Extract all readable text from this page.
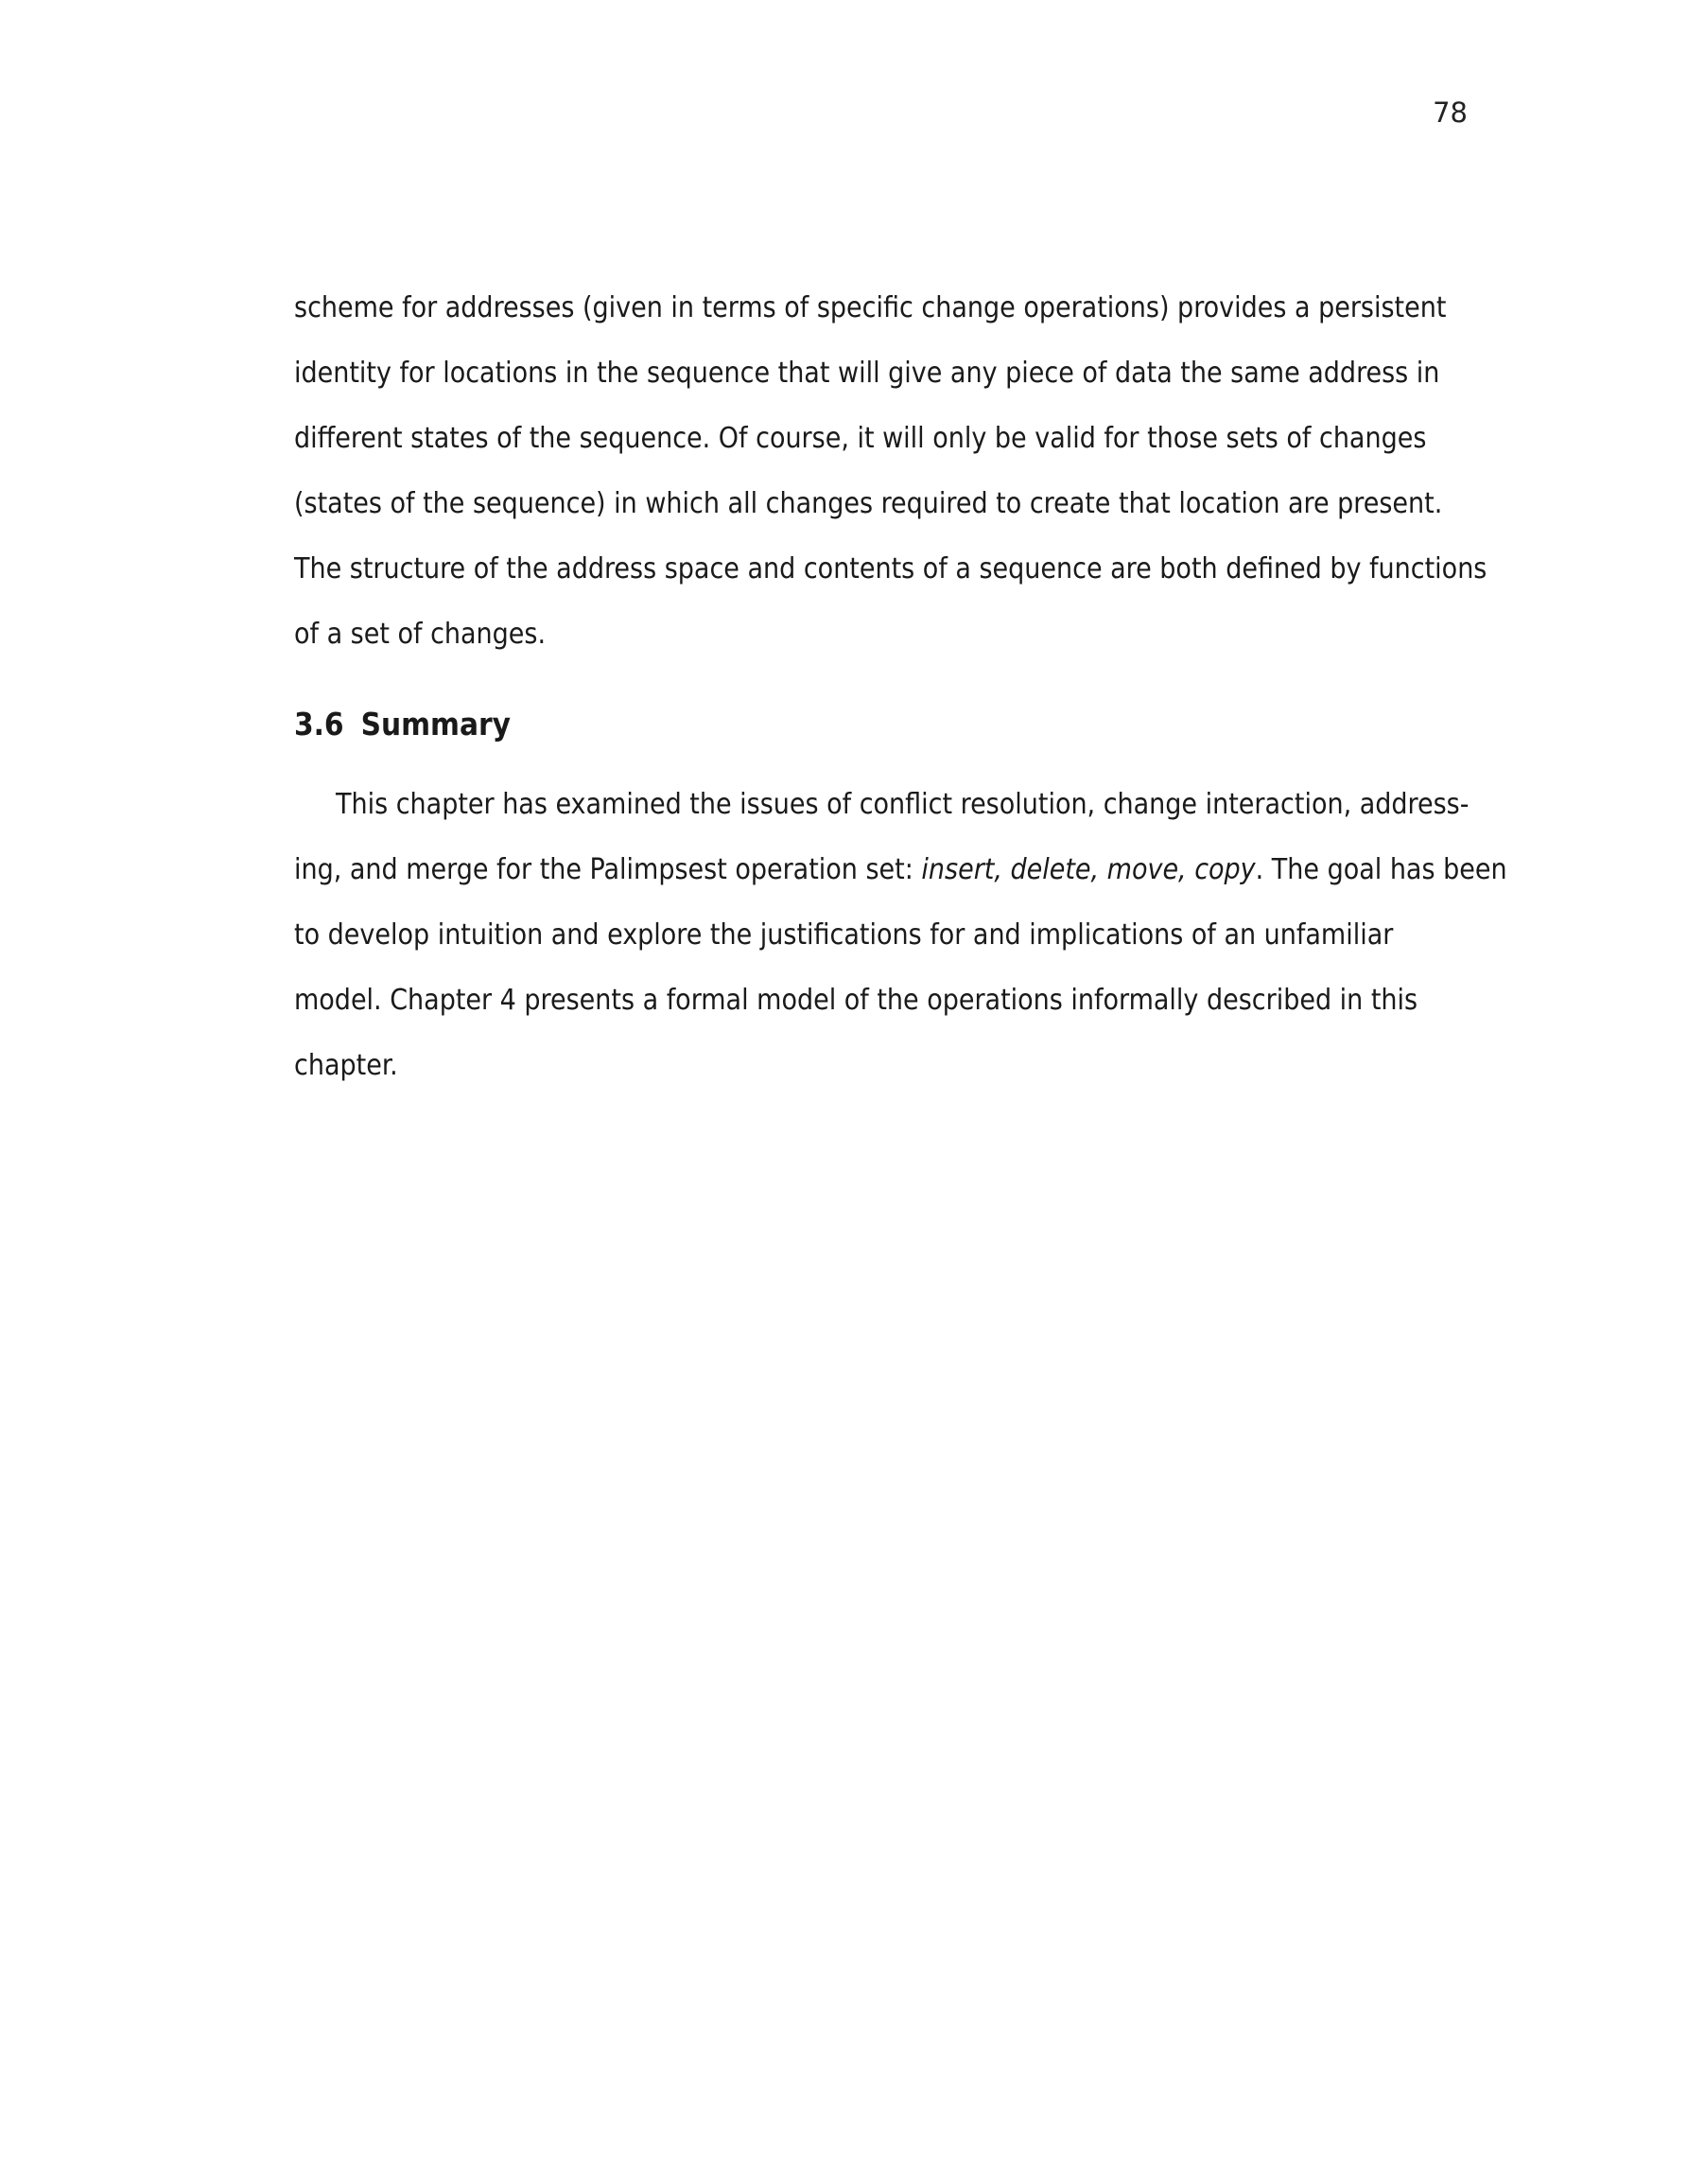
78
scheme for addresses (given in terms of specific change operations) provides a persistent
identity for locations in the sequence that will give any piece of data the same address in
different states of the sequence. Of course, it will only be valid for those sets of changes
(states of the sequence) in which all changes required to create that location are present.
The structure of the address space and contents of a sequence are both defined by functions
of a set of changes.
3.6 Summary
This chapter has examined the issues of conflict resolution, change interaction, address-
ing, and merge for the Palimpsest operation set: insert, delete, move, copy. The goal has been
to develop intuition and explore the justifications for and implications of an unfamiliar
model. Chapter 4 presents a formal model of the operations informally described in this
chapter.
